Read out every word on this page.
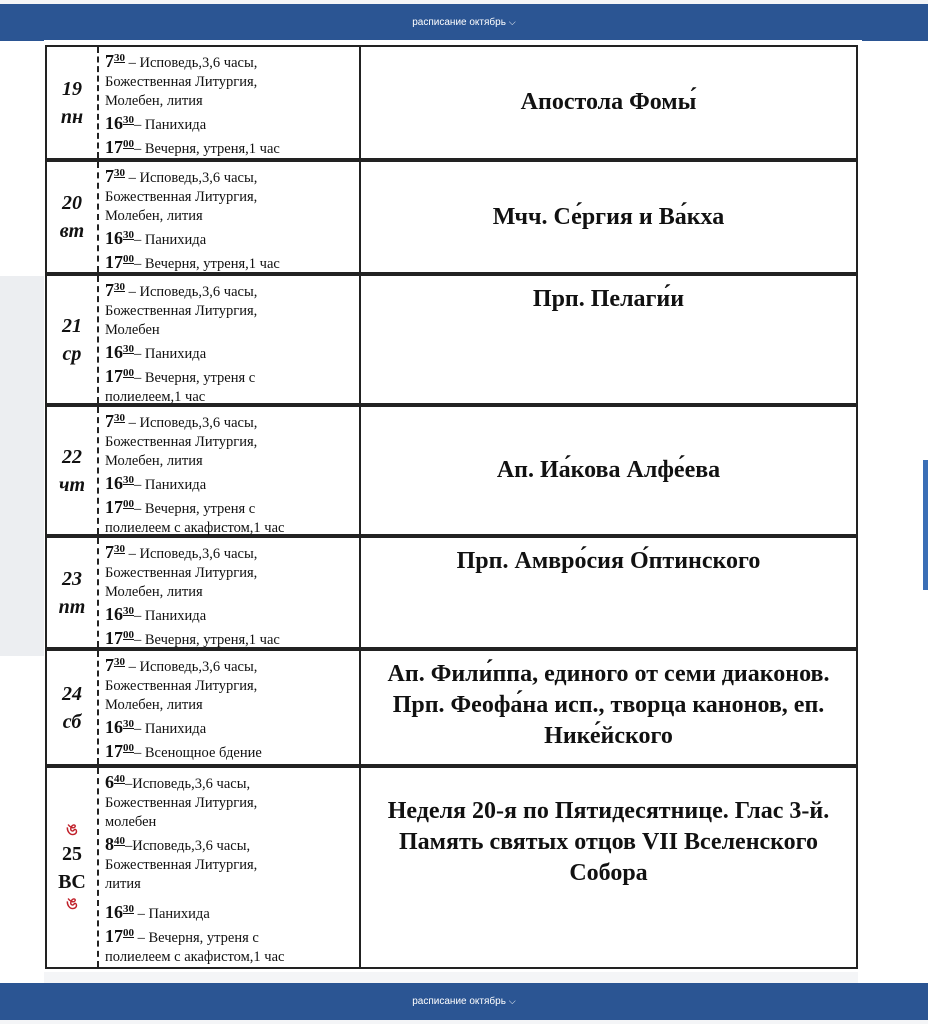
расписание октябрь ⌵
19
пн
$7^{30}$ – Исповедь,3,6 часы,
Божественная Литургия,
Молебен, лития
$16^{30}-$ Панихида
$17^{00}-$ Вечерня, утреня,1 час
Апостола Фомы́
20
вт
$7^{30}$ – Исповедь,3,6 часы,
Божественная Литургия,
Молебен, лития
$16^{30}-$ Панихида
$17^{00}-$ Вечерня, утреня,1 час
Мчч. Се́ргия и Ва́кха
21
ср
$7^{30}$ – Исповедь,3,6 часы,
Божественная Литургия,
Молебен
$16^{30}-$ Панихида
$17^{00}-$ Вечерня, утреня с
полиелеем,1 час
Прп. Пелаги́и
22
чт
$7^{30}$ – Исповедь,3,6 часы,
Божественная Литургия,
Молебен, лития
$16^{30}-$ Панихида
$17^{00}-$ Вечерня, утреня с
полиелеем с акафистом,1 час
Ап. Иа́кова Алфе́ева
23
пт
$7^{30}$ – Исповедь,3,6 часы,
Божественная Литургия,
Молебен, лития
$16^{30}-$ Панихида
$17^{00}-$ Вечерня, утреня,1 час
Прп. Амвро́сия О́птинского
24
сб
$7^{30}$ – Исповедь,3,6 часы,
Божественная Литургия,
Молебен, лития
$16^{30}-$ Панихида
$17^{00}-$ Всенощное бдение
Ап. Фили́ппа, единого от семи диаконов. Прп. Феофа́на исп., творца канонов, еп. Нике́йского
ঙ
25
ВС
ঙ
$6^{40}-Исповедь,3,6$ часы,
Божественная Литургия,
молебен
$8^{40}-Исповедь,3,6$ часы,
Божественная Литургия,
лития
$16^{30}$ – Панихида
$17^{00}$ – Вечерня, утреня с
полиелеем с акафистом,1 час
Неделя 20-я по Пятидесятнице. Глас 3-й. Память святых отцов VII Вселенского Собора
расписание октябрь ⌵
